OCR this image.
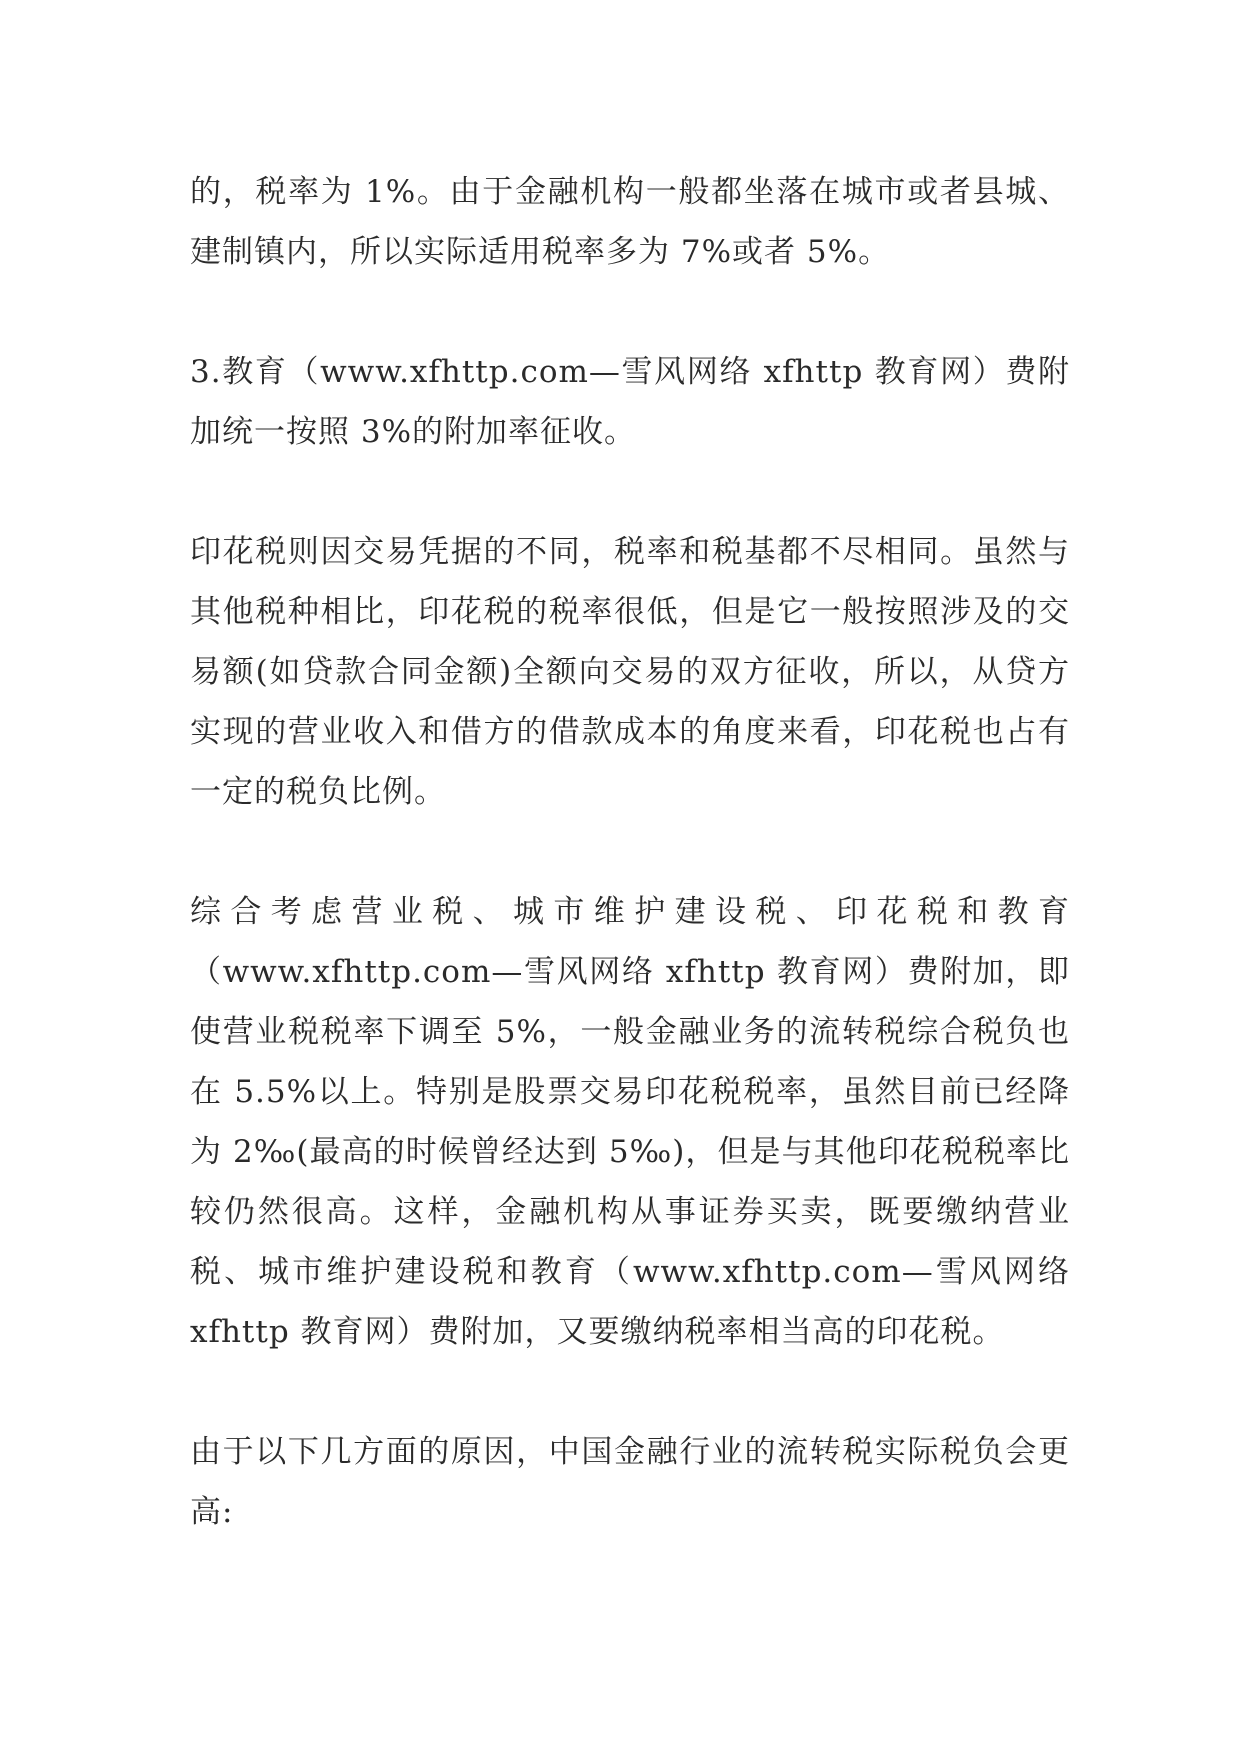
的，税率为 1%。由于金融机构一般都坐落在城市或者县城、建制镇内，所以实际适用税率多为 7%或者 5%。

3.教育（www.xfhttp.com—雪风网络 xfhttp 教育网）费附加统一按照 3%的附加率征收。

印花税则因交易凭据的不同，税率和税基都不尽相同。虽然与其他税种相比，印花税的税率很低，但是它一般按照涉及的交易额(如贷款合同金额)全额向交易的双方征收，所以，从贷方实现的营业收入和借方的借款成本的角度来看，印花税也占有一定的税负比例。

综合考虑营业税、城市维护建设税、印花税和教育（www.xfhttp.com—雪风网络 xfhttp 教育网）费附加，即使营业税税率下调至 5%，一般金融业务的流转税综合税负也在 5.5%以上。特别是股票交易印花税税率，虽然目前已经降为 2‰(最高的时候曾经达到 5‰)，但是与其他印花税税率比较仍然很高。这样，金融机构从事证券买卖，既要缴纳营业税、城市维护建设税和教育（www.xfhttp.com—雪风网络 xfhttp 教育网）费附加，又要缴纳税率相当高的印花税。

由于以下几方面的原因，中国金融行业的流转税实际税负会更高:
